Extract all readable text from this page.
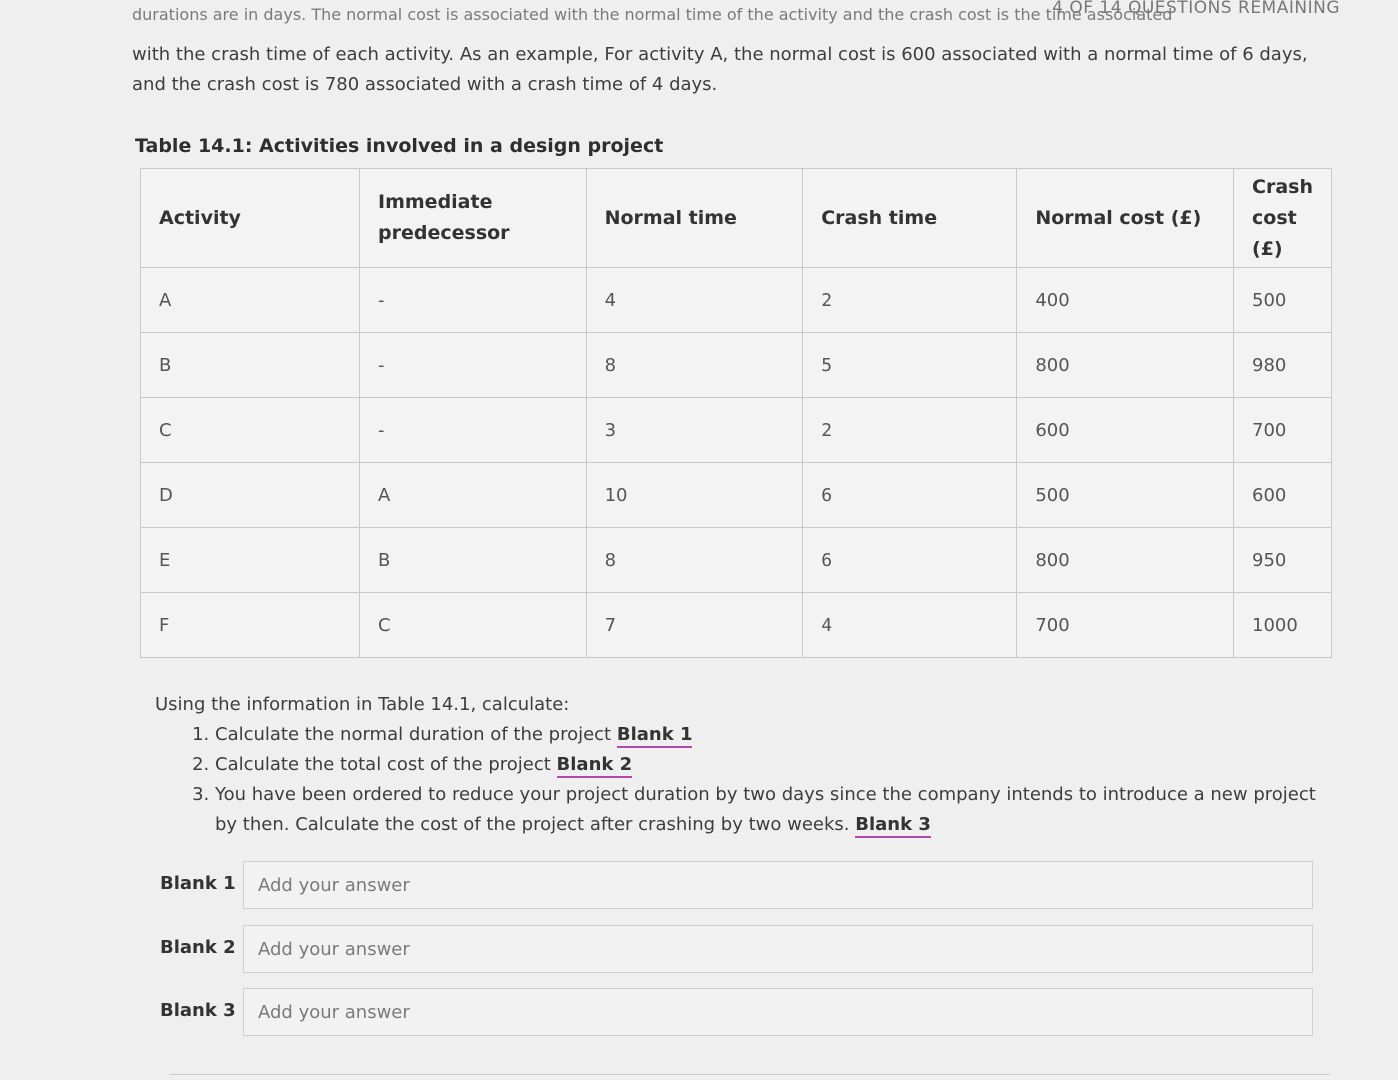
4 OF 14 QUESTIONS REMAINING
durations are in days. The normal cost is associated with the normal time of the activity and the crash cost is the time associated

with the crash time of each activity. As an example, For activity A, the normal cost is 600 associated with a normal time of 6 days,

and the crash cost is 780 associated with a crash time of 4 days.

Table 14.1: Activities involved in a design project
Activity	Immediate predecessor	Normal time	Crash time	Normal cost (£)	Crash cost (£)
A	-	4	2	400	500
B	-	8	5	800	980
C	-	3	2	600	700
D	A	10	6	500	600
E	B	8	6	800	950
F	C	7	4	700	1000

Using the information in Table 14.1, calculate:

1. Calculate the normal duration of the project Blank 1
2. Calculate the total cost of the project Blank 2
3. You have been ordered to reduce your project duration by two days since the company intends to introduce a new project by then. Calculate the cost of the project after crashing by two weeks. Blank 3
Blank 1
Add your answer
Blank 2
Add your answer
Blank 3
Add your answer
